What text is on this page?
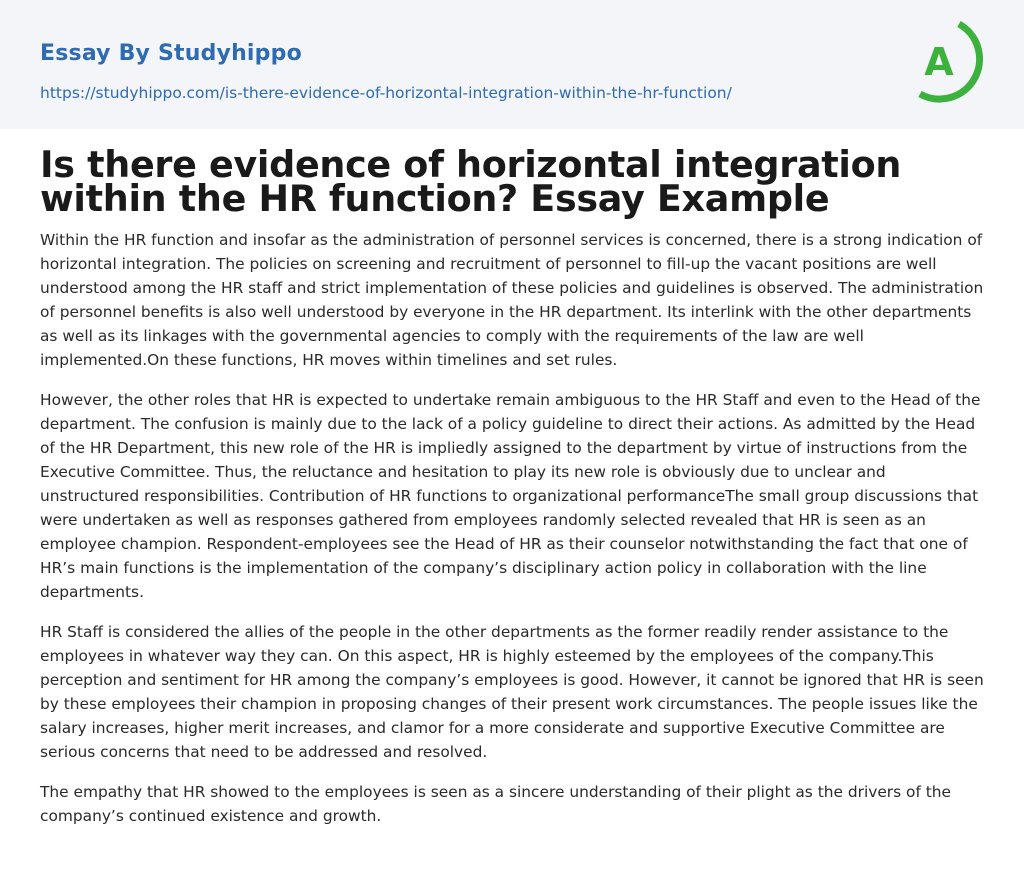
Essay By Studyhippo
https://studyhippo.com/is-there-evidence-of-horizontal-integration-within-the-hr-function/
A
Is there evidence of horizontal integration within the HR function? Essay Example

Within the HR function and insofar as the administration of personnel services is concerned, there is a strong indication of horizontal integration. The policies on screening and recruitment of personnel to fill-up the vacant positions are well understood among the HR staff and strict implementation of these policies and guidelines is observed. The administration of personnel benefits is also well understood by everyone in the HR department. Its interlink with the other departments as well as its linkages with the governmental agencies to comply with the requirements of the law are well implemented.On these functions, HR moves within timelines and set rules.

However, the other roles that HR is expected to undertake remain ambiguous to the HR Staff and even to the Head of the department. The confusion is mainly due to the lack of a policy guideline to direct their actions. As admitted by the Head of the HR Department, this new role of the HR is impliedly assigned to the department by virtue of instructions from the Executive Committee. Thus, the reluctance and hesitation to play its new role is obviously due to unclear and unstructured responsibilities. Contribution of HR functions to organizational performanceThe small group discussions that were undertaken as well as responses gathered from employees randomly selected revealed that HR is seen as an employee champion. Respondent-employees see the Head of HR as their counselor notwithstanding the fact that one of HR’s main functions is the implementation of the company’s disciplinary action policy in collaboration with the line departments.

HR Staff is considered the allies of the people in the other departments as the former readily render assistance to the employees in whatever way they can. On this aspect, HR is highly esteemed by the employees of the company.This perception and sentiment for HR among the company’s employees is good. However, it cannot be ignored that HR is seen by these employees their champion in proposing changes of their present work circumstances. The people issues like the salary increases, higher merit increases, and clamor for a more considerate and supportive Executive Committee are serious concerns that need to be addressed and resolved.

The empathy that HR showed to the employees is seen as a sincere understanding of their plight as the drivers of the company’s continued existence and growth.
